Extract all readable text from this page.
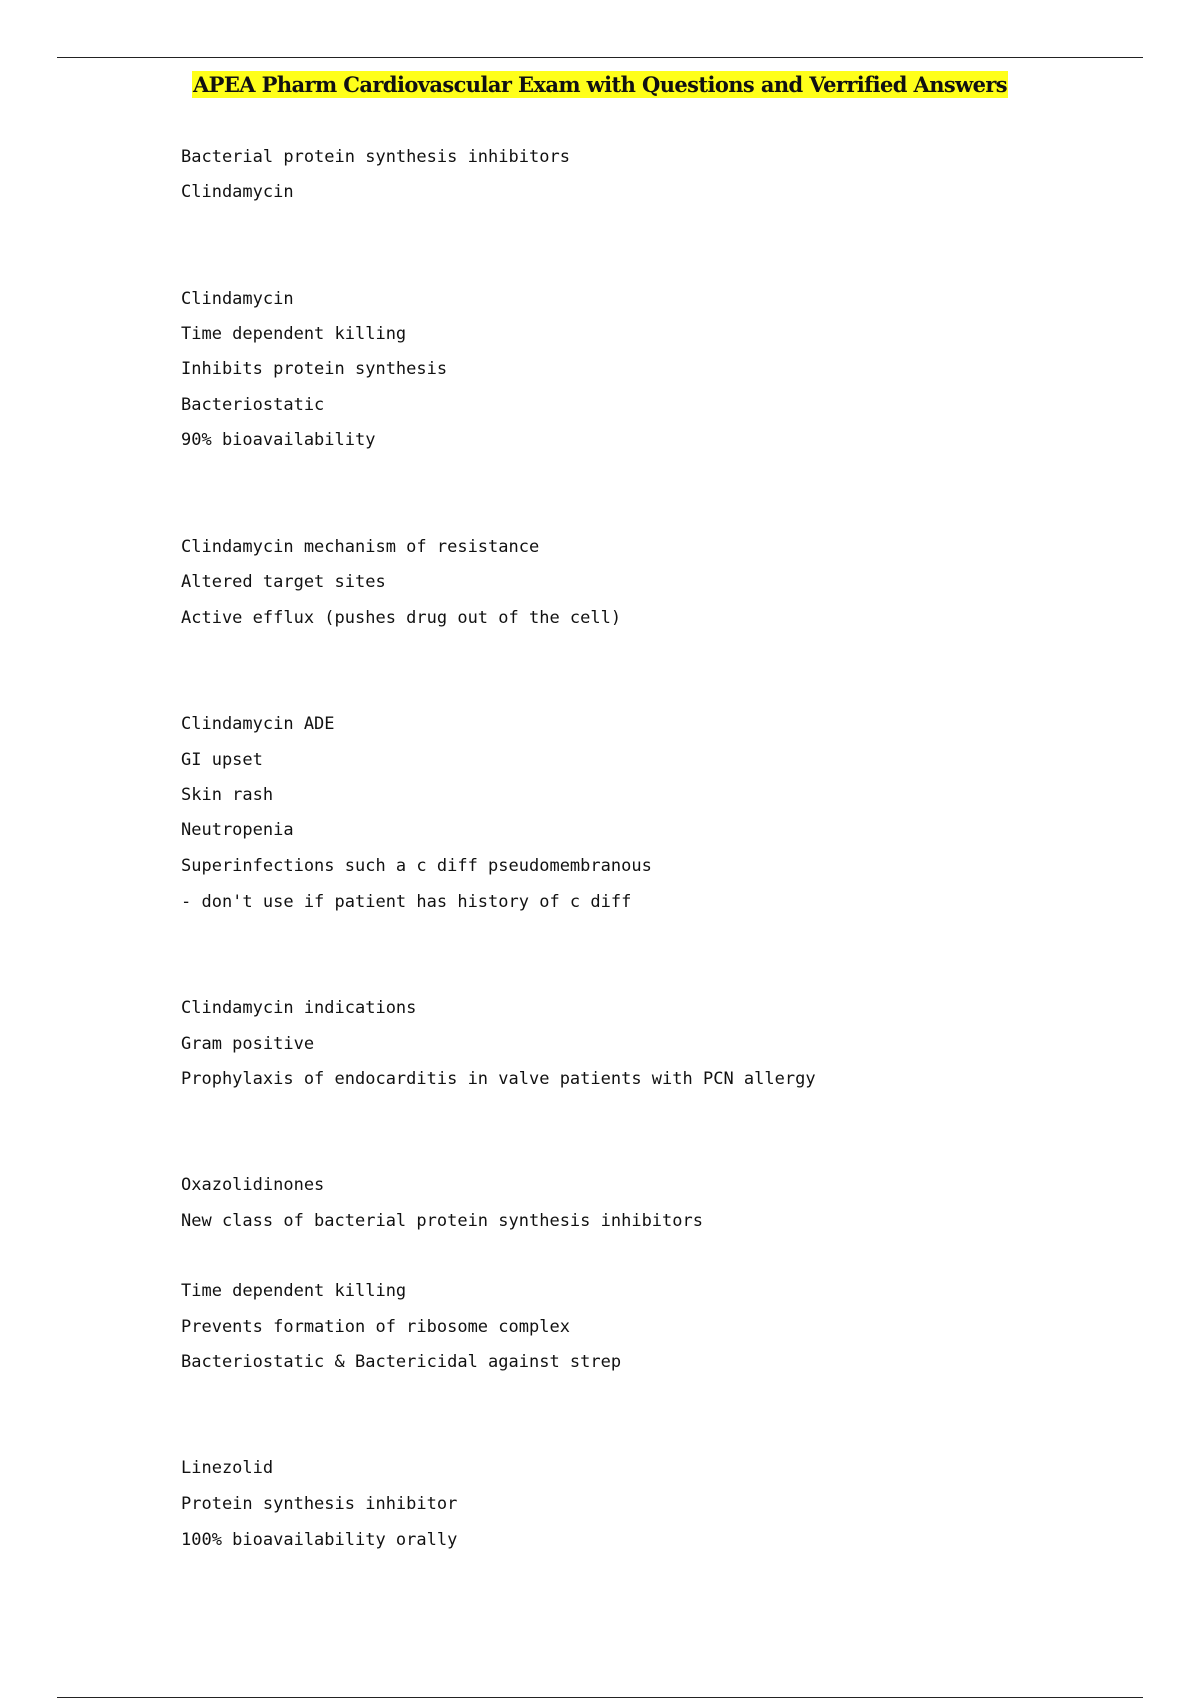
APEA Pharm Cardiovascular Exam with Questions and Verrified Answers
Bacterial protein synthesis inhibitors
Clindamycin
Clindamycin
Time dependent killing
Inhibits protein synthesis
Bacteriostatic
90% bioavailability
Clindamycin mechanism of resistance
Altered target sites
Active efflux (pushes drug out of the cell)
Clindamycin ADE
GI upset
Skin rash
Neutropenia
Superinfections such a c diff pseudomembranous
- don't use if patient has history of c diff
Clindamycin indications
Gram positive
Prophylaxis of endocarditis in valve patients with PCN allergy
Oxazolidinones
New class of bacterial protein synthesis inhibitors
Time dependent killing
Prevents formation of ribosome complex
Bacteriostatic & Bactericidal against strep
Linezolid
Protein synthesis inhibitor
100% bioavailability orally
